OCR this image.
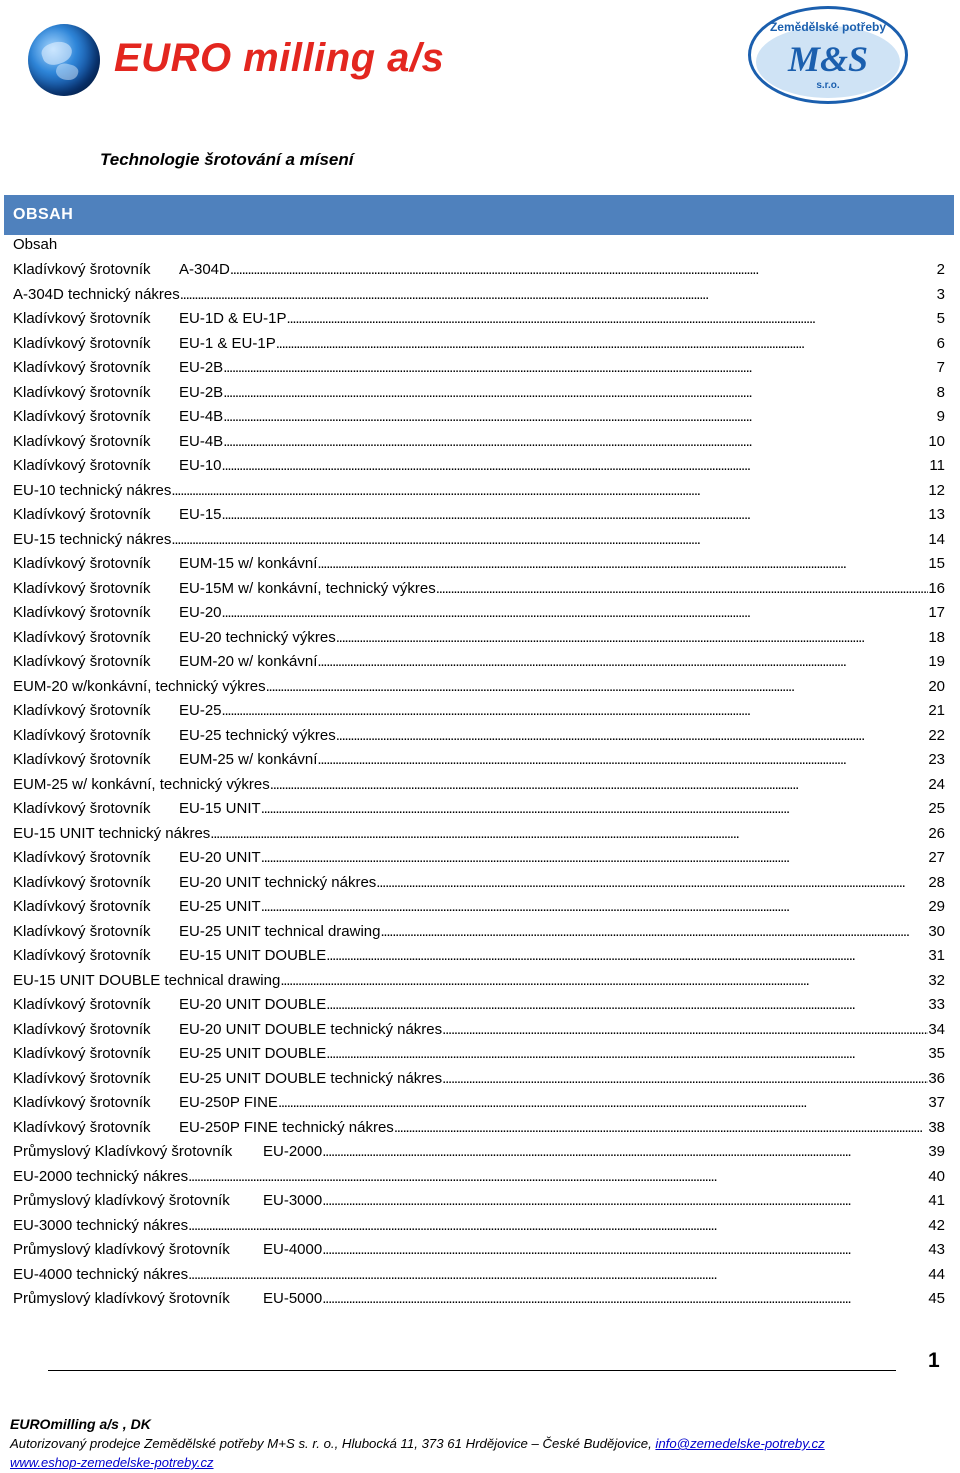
EURO milling a/s
Zemědělské potřeby
M&S
s.r.o.
Technologie šrotování a mísení
OBSAH
Obsah
Kladívkový šrotovník	A-304D . . .	2
A-304D technický nákres . . .	3
Kladívkový šrotovník	EU-1D & EU-1P . . .	5
Kladívkový šrotovník	EU-1 & EU-1P . . .	6
Kladívkový šrotovník	EU-2B . . .	7
Kladívkový šrotovník	EU-2B . . .	8
Kladívkový šrotovník	EU-4B . . .	9
Kladívkový šrotovník	EU-4B . . .	10
Kladívkový šrotovník	EU-10 . . .	11
EU-10 technický nákres . . .	12
Kladívkový šrotovník	EU-15 . . .	13
EU-15 technický nákres . . .	14
Kladívkový šrotovník	EUM-15 w/ konkávní . . .	15
Kladívkový šrotovník	EU-15M w/ konkávní, technický výkres . . .	16
Kladívkový šrotovník	EU-20 . . .	17
Kladívkový šrotovník	EU-20 technický výkres . . .	18
Kladívkový šrotovník	EUM-20 w/ konkávní . . .	19
EUM-20 w/konkávní, technický výkres . . .	20
Kladívkový šrotovník	EU-25 . . .	21
Kladívkový šrotovník	EU-25 technický výkres . . .	22
Kladívkový šrotovník	EUM-25 w/ konkávní . . .	23
EUM-25 w/ konkávní, technický výkres . . .	24
Kladívkový šrotovník	EU-15 UNIT . . .	25
EU-15 UNIT technický nákres . . .	26
Kladívkový šrotovník	EU-20 UNIT . . .	27
Kladívkový šrotovník	EU-20 UNIT technický nákres . . .	28
Kladívkový šrotovník	EU-25 UNIT . . .	29
Kladívkový šrotovník	EU-25 UNIT technical drawing . . .	30
Kladívkový šrotovník	EU-15 UNIT DOUBLE . . .	31
EU-15 UNIT DOUBLE technical drawing . . .	32
Kladívkový šrotovník	EU-20 UNIT DOUBLE . . .	33
Kladívkový šrotovník	EU-20 UNIT DOUBLE technický nákres . . .	34
Kladívkový šrotovník	EU-25 UNIT DOUBLE . . .	35
Kladívkový šrotovník	EU-25 UNIT DOUBLE technický nákres . . .	36
Kladívkový šrotovník	EU-250P FINE . . .	37
Kladívkový šrotovník	EU-250P FINE technický nákres . . .	38
Průmyslový Kladívkový šrotovník	EU-2000 . . .	39
EU-2000 technický nákres . . .	40
Průmyslový kladívkový šrotovník	EU-3000 . . .	41
EU-3000 technický nákres . . .	42
Průmyslový kladívkový šrotovník	EU-4000 . . .	43
EU-4000 technický nákres . . .	44
Průmyslový kladívkový šrotovník	EU-5000 . . .	45
1
EUROmilling a/s , DK
Autorizovaný prodejce Zemědělské potřeby M+S s. r. o., Hlubocká 11, 373 61 Hrdějovice – České Budějovice, info@zemedelske-potreby.cz
www.eshop-zemedelske-potreby.cz
